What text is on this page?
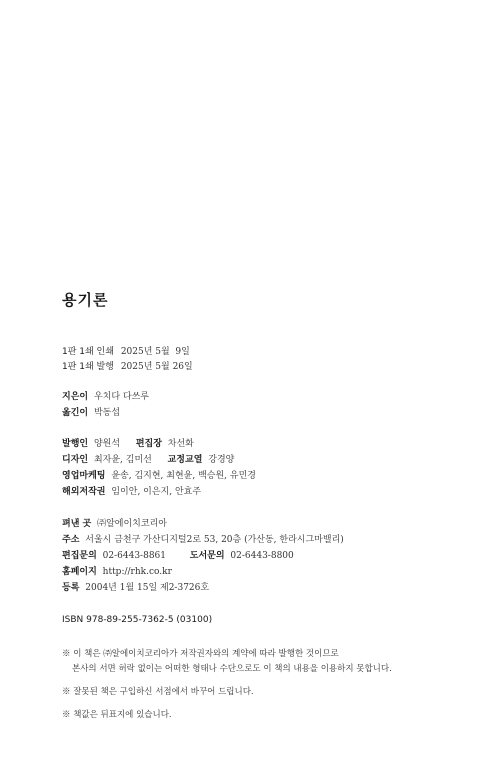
용기론
1판 1쇄 인쇄 2025년 5월  9일
1판 1쇄 발행 2025년 5월 26일
지은이 우치다 다쓰루
옮긴이 박동섭
발행인 양원석 편집장 차선화
디자인 최자윤, 김미선 교정교열 강경양
영업마케팅 윤송, 김지현, 최현윤, 백승원, 유민경
해외저작권 임이안, 이은지, 안효주
펴낸 곳 ㈜알에이치코리아
주소 서울시 금천구 가산디지털2로 53, 20층 (가산동, 한라시그마밸리)
편집문의 02-6443-8861	도서문의 02-6443-8800
홈페이지 http://rhk.co.kr
등록 2004년 1월 15일 제2-3726호
ISBN 978-89-255-7362-5 (03100)
※ 이 책은 ㈜알에이치코리아가 저작권자와의 계약에 따라 발행한 것이므로
본사의 서면 허락 없이는 어떠한 형태나 수단으로도 이 책의 내용을 이용하지 못합니다.
※ 잘못된 책은 구입하신 서점에서 바꾸어 드립니다.
※ 책값은 뒤표지에 있습니다.
